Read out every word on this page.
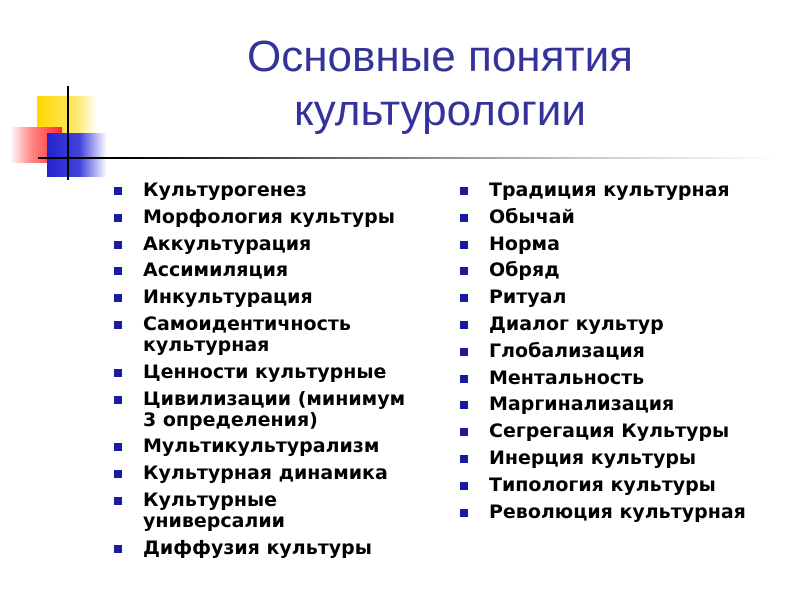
Основные понятия
культурологии
Культурогенез
Морфология культуры
Аккультурация
Ассимиляция
Инкультурация
Самоидентичность
культурная
Ценности культурные
Цивилизации (минимум
3 определения)
Мультикультурализм
Культурная динамика
Культурные
универсалии
Диффузия культуры
Традиция культурная
Обычай
Норма
Обряд
Ритуал
Диалог культур
Глобализация
Ментальность
Маргинализация
Сегрегация Культуры
Инерция культуры
Типология культуры
Революция культурная
